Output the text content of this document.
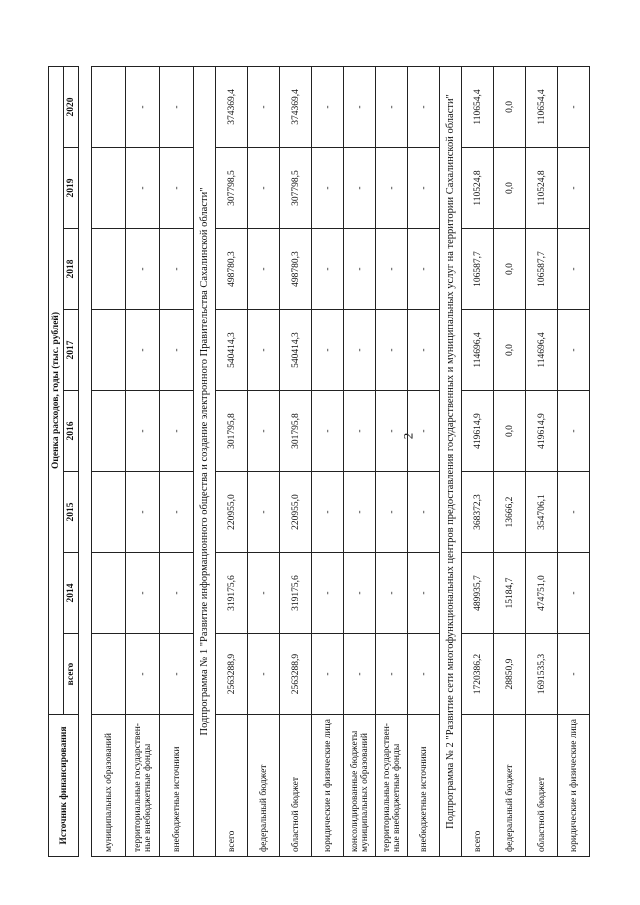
2
Источник финансирования	Оценка расходов, годы (тыс. рублей)							
	всего	2014	2015	2016	2017	2018	2019	2020

муниципальных образований								
территориальные государствен-ные внебюджетные фонды	-	-	-	-	-	-	-	-
внебюджетные источники	-	-	-	-	-	-	-	-
Подпрограмма № 1 "Развитие информационного общества и создание электронного Правительства Сахалинской области"								
всего	2563288,9	319175,6	220955,0	301795,8	540414,3	498780,3	307798,5	374369,4
федеральный бюджет	-	-	-	-	-	-	-	-
областной бюджет	2563288,9	319175,6	220955,0	301795,8	540414,3	498780,3	307798,5	374369,4
юридические и физические лица	-	-	-	-	-	-	-	-
консолидированные бюджеты муниципальных образований	-	-	-	-	-	-	-	-
территориальные государствен-ные внебюджетные фонды	-	-	-	-	-	-	-	-
внебюджетные источники	-	-	-	-	-	-	-	-
Подпрограмма № 2 "Развитие сети многофункциональных центров предоставления государственных и муниципальных услуг на территории Сахалинской области"								
всего	1720386,2	489935,7	368372,3	419614,9	114696,4	106587,7	110524,8	110654,4
федеральный бюджет	28850,9	15184,7	13666,2	0,0	0,0	0,0	0,0	0,0
областной бюджет	1691535,3	474751,0	354706,1	419614,9	114696,4	106587,7	110524,8	110654,4
юридические и физические лица	-	-	-	-	-	-	-	-
